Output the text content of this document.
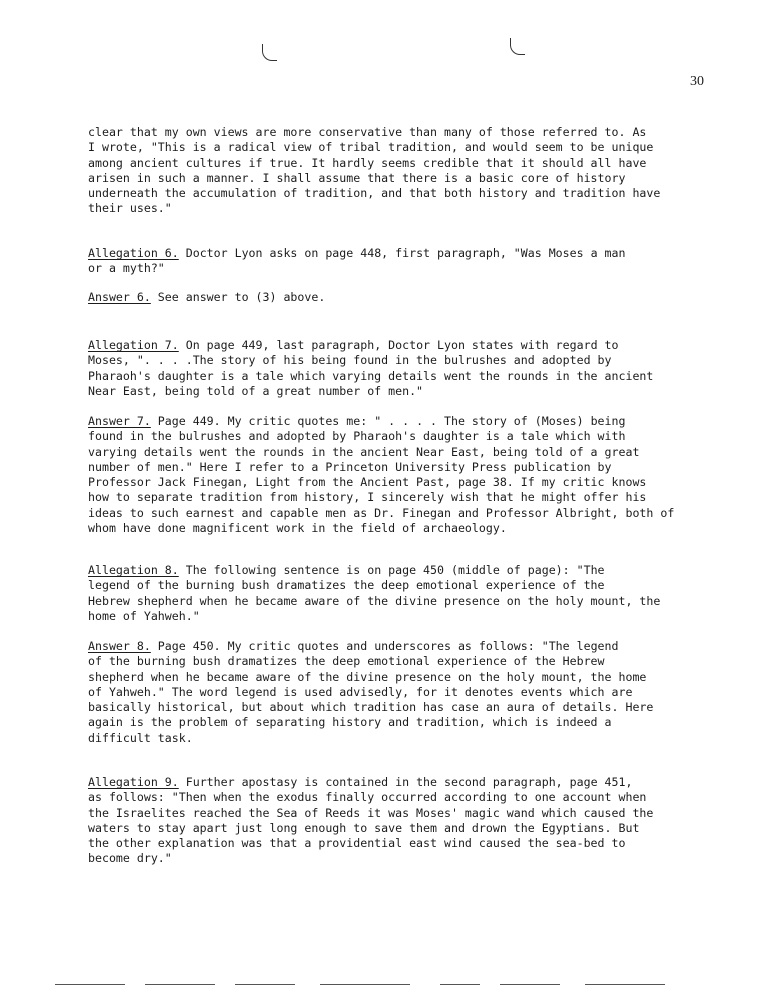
30

clear that my own views are more conservative than many of those referred to. As
I wrote, "This is a radical view of tribal tradition, and would seem to be unique
among ancient cultures if true. It hardly seems credible that it should all have
arisen in such a manner. I shall assume that there is a basic core of history
underneath the accumulation of tradition, and that both history and tradition have
their uses."

Allegation 6. Doctor Lyon asks on page 448, first paragraph, "Was Moses a man
or a myth?"

Answer 6. See answer to (3) above.

Allegation 7. On page 449, last paragraph, Doctor Lyon states with regard to
Moses, ". . . .The story of his being found in the bulrushes and adopted by
Pharaoh's daughter is a tale which varying details went the rounds in the ancient
Near East, being told of a great number of men."

Answer 7. Page 449. My critic quotes me: " . . . . The story of (Moses) being
found in the bulrushes and adopted by Pharaoh's daughter is a tale which with
varying details went the rounds in the ancient Near East, being told of a great
number of men." Here I refer to a Princeton University Press publication by
Professor Jack Finegan, Light from the Ancient Past, page 38. If my critic knows
how to separate tradition from history, I sincerely wish that he might offer his
ideas to such earnest and capable men as Dr. Finegan and Professor Albright, both of
whom have done magnificent work in the field of archaeology.

Allegation 8. The following sentence is on page 450 (middle of page): "The
legend of the burning bush dramatizes the deep emotional experience of the
Hebrew shepherd when he became aware of the divine presence on the holy mount, the
home of Yahweh."

Answer 8. Page 450. My critic quotes and underscores as follows: "The legend
of the burning bush dramatizes the deep emotional experience of the Hebrew
shepherd when he became aware of the divine presence on the holy mount, the home
of Yahweh." The word legend is used advisedly, for it denotes events which are
basically historical, but about which tradition has case an aura of details. Here
again is the problem of separating history and tradition, which is indeed a
difficult task.

Allegation 9. Further apostasy is contained in the second paragraph, page 451,
as follows: "Then when the exodus finally occurred according to one account when
the Israelites reached the Sea of Reeds it was Moses' magic wand which caused the
waters to stay apart just long enough to save them and drown the Egyptians. But
the other explanation was that a providential east wind caused the sea-bed to
become dry."
